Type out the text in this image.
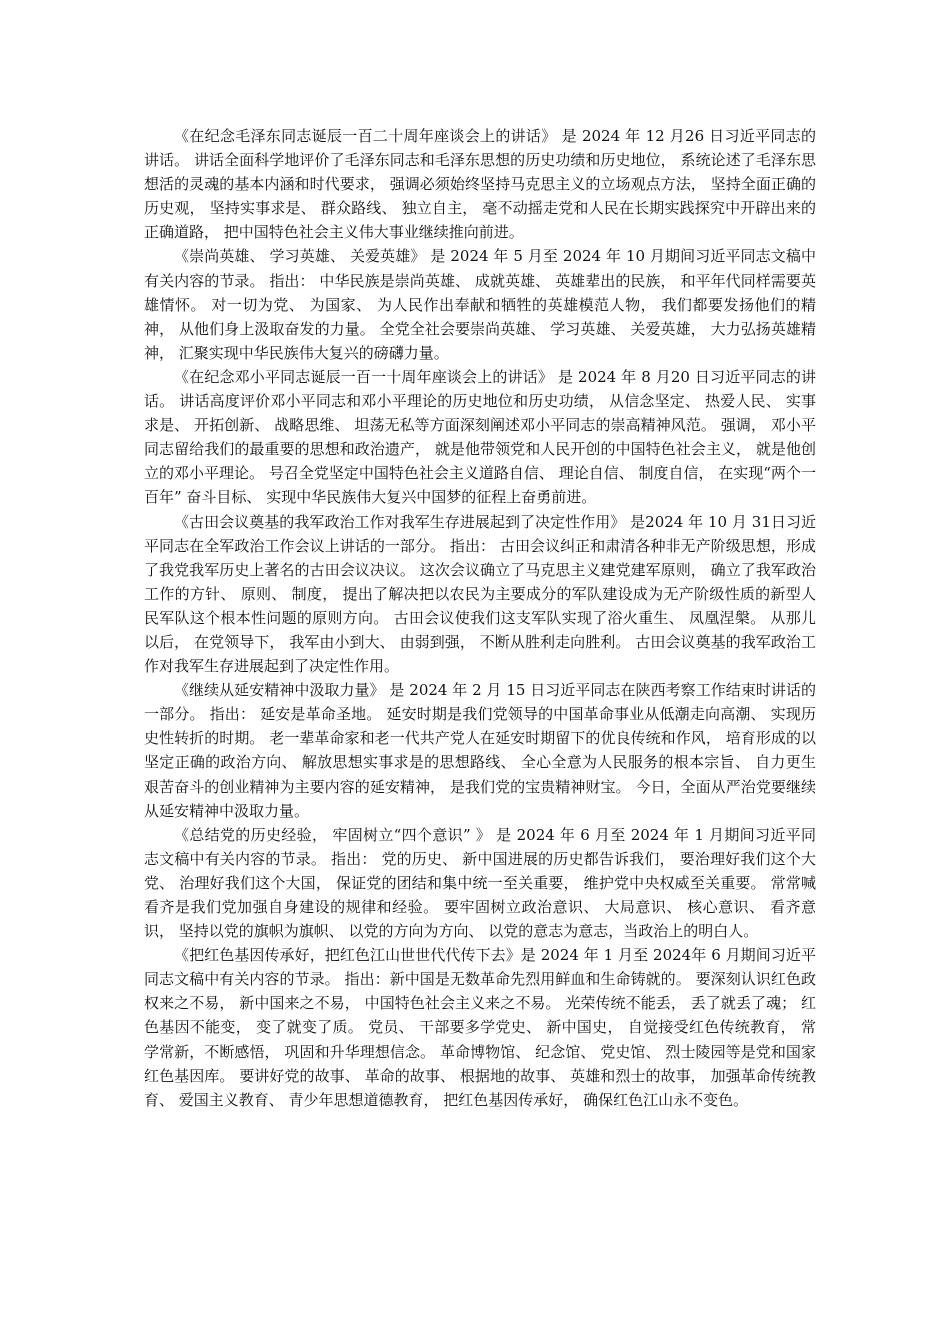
《在纪念毛泽东同志诞辰一百二十周年座谈会上的讲话》 是 2024 年 12 月26 日习近平同志的讲话。 讲话全面科学地评价了毛泽东同志和毛泽东思想的历史功绩和历史地位， 系统论述了毛泽东思想活的灵魂的基本内涵和时代要求， 强调必须始终坚持马克思主义的立场观点方法， 坚持全面正确的历史观， 坚持实事求是、 群众路线、 独立自主， 毫不动摇走党和人民在长期实践探究中开辟出来的正确道路， 把中国特色社会主义伟大事业继续推向前进。

《崇尚英雄、 学习英雄、 关爱英雄》 是 2024 年 5 月至 2024 年 10 月期间习近平同志文稿中有关内容的节录。 指出： 中华民族是崇尚英雄、 成就英雄、 英雄辈出的民族， 和平年代同样需要英雄情怀。 对一切为党、 为国家、 为人民作出奉献和牺牲的英雄模范人物， 我们都要发扬他们的精神， 从他们身上汲取奋发的力量。 全党全社会要崇尚英雄、 学习英雄、 关爱英雄， 大力弘扬英雄精神， 汇聚实现中华民族伟大复兴的磅礴力量。

《在纪念邓小平同志诞辰一百一十周年座谈会上的讲话》 是 2024 年 8 月20 日习近平同志的讲话。 讲话高度评价邓小平同志和邓小平理论的历史地位和历史功绩， 从信念坚定、 热爱人民、 实事求是、 开拓创新、 战略思维、 坦荡无私等方面深刻阐述邓小平同志的崇高精神风范。 强调， 邓小平同志留给我们的最重要的思想和政治遗产， 就是他带领党和人民开创的中国特色社会主义， 就是他创立的邓小平理论。 号召全党坚定中国特色社会主义道路自信、 理论自信、 制度自信， 在实现“两个一百年” 奋斗目标、 实现中华民族伟大复兴中国梦的征程上奋勇前进。

《古田会议奠基的我军政治工作对我军生存进展起到了决定性作用》 是2024 年 10 月 31日习近平同志在全军政治工作会议上讲话的一部分。 指出： 古田会议纠正和肃清各种非无产阶级思想，形成了我党我军历史上著名的古田会议决议。 这次会议确立了马克思主义建党建军原则， 确立了我军政治工作的方针、 原则、 制度， 提出了解决把以农民为主要成分的军队建设成为无产阶级性质的新型人民军队这个根本性问题的原则方向。 古田会议使我们这支军队实现了浴火重生、 凤凰涅槃。 从那儿以后， 在党领导下， 我军由小到大、 由弱到强， 不断从胜利走向胜利。 古田会议奠基的我军政治工作对我军生存进展起到了决定性作用。

《继续从延安精神中汲取力量》 是 2024 年 2 月 15 日习近平同志在陕西考察工作结束时讲话的一部分。 指出： 延安是革命圣地。 延安时期是我们党领导的中国革命事业从低潮走向高潮、 实现历史性转折的时期。 老一辈革命家和老一代共产党人在延安时期留下的优良传统和作风， 培育形成的以坚定正确的政治方向、 解放思想实事求是的思想路线、 全心全意为人民服务的根本宗旨、 自力更生艰苦奋斗的创业精神为主要内容的延安精神， 是我们党的宝贵精神财宝。 今日，全面从严治党要继续从延安精神中汲取力量。

《总结党的历史经验， 牢固树立“四个意识” 》 是 2024 年 6 月至 2024 年 1 月期间习近平同志文稿中有关内容的节录。 指出： 党的历史、 新中国进展的历史都告诉我们， 要治理好我们这个大党、 治理好我们这个大国， 保证党的团结和集中统一至关重要， 维护党中央权威至关重要。 常常喊看齐是我们党加强自身建设的规律和经验。 要牢固树立政治意识、 大局意识、 核心意识、 看齐意识， 坚持以党的旗帜为旗帜、 以党的方向为方向、 以党的意志为意志，当政治上的明白人。

《把红色基因传承好，把红色江山世世代代传下去》是 2024 年 1 月至 2024年 6 月期间习近平同志文稿中有关内容的节录。 指出：新中国是无数革命先烈用鲜血和生命铸就的。 要深刻认识红色政权来之不易， 新中国来之不易， 中国特色社会主义来之不易。 光荣传统不能丢， 丢了就丢了魂； 红色基因不能变， 变了就变了质。 党员、 干部要多学党史、 新中国史， 自觉接受红色传统教育， 常学常新，不断感悟， 巩固和升华理想信念。 革命博物馆、 纪念馆、 党史馆、 烈士陵园等是党和国家红色基因库。 要讲好党的故事、 革命的故事、 根据地的故事、 英雄和烈士的故事， 加强革命传统教育、 爱国主义教育、 青少年思想道德教育， 把红色基因传承好， 确保红色江山永不变色。
